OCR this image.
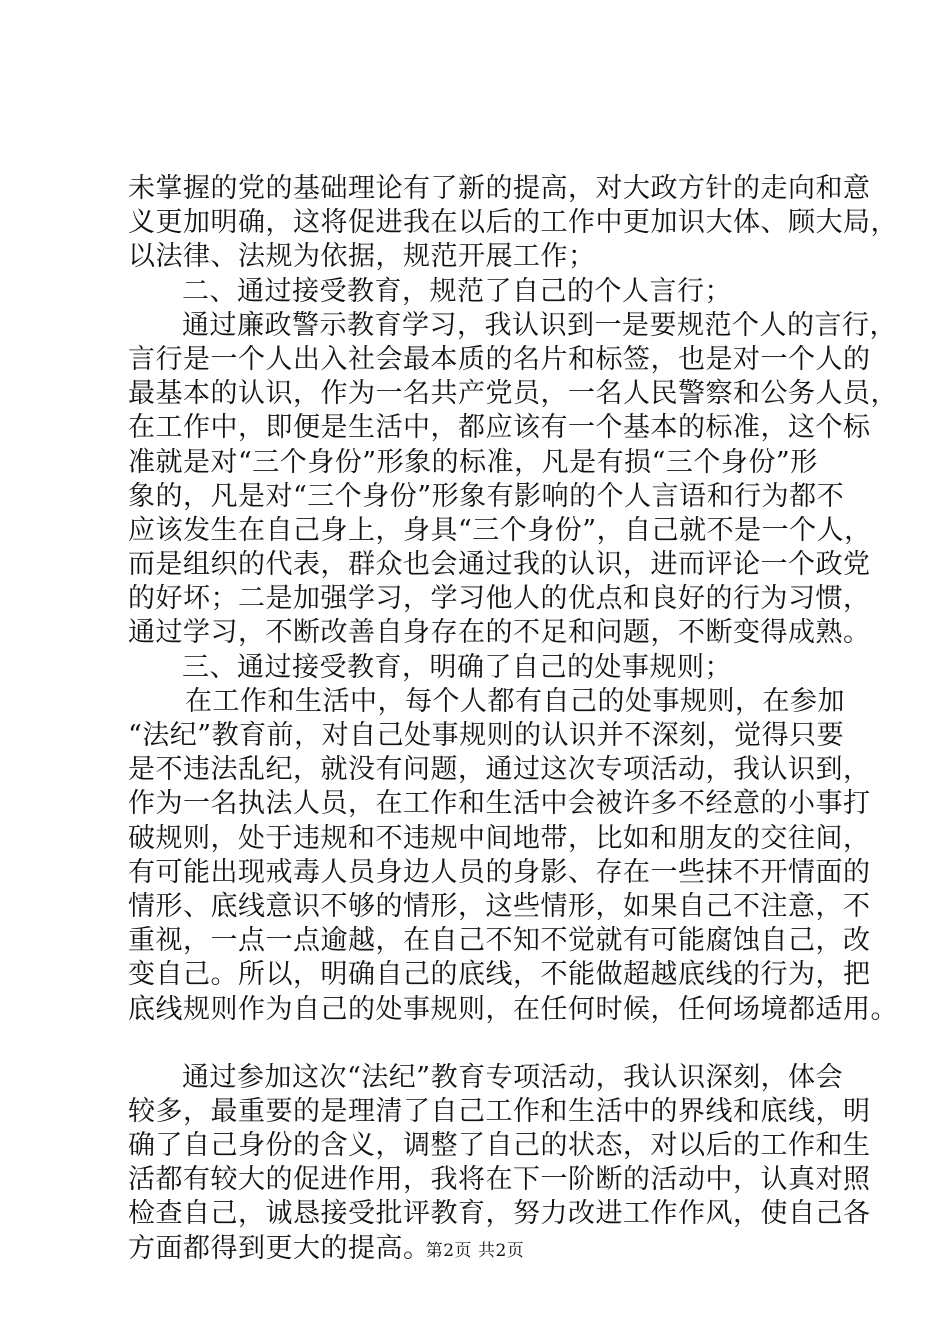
未掌握的党的基础理论有了新的提高，对大政方针的走向和意
义更加明确，这将促进我在以后的工作中更加识大体、顾大局，
以法律、法规为依据，规范开展工作；
二、通过接受教育，规范了自己的个人言行；
通过廉政警示教育学习，我认识到一是要规范个人的言行，
言行是一个人出入社会最本质的名片和标签，也是对一个人的
最基本的认识，作为一名共产党员，一名人民警察和公务人员，
在工作中，即便是生活中，都应该有一个基本的标准，这个标
准就是对“三个身份”形象的标准，凡是有损“三个身份”形
象的，凡是对“三个身份”形象有影响的个人言语和行为都不
应该发生在自己身上，身具“三个身份”，自己就不是一个人，
而是组织的代表，群众也会通过我的认识，进而评论一个政党
的好坏；二是加强学习，学习他人的优点和良好的行为习惯，
通过学习，不断改善自身存在的不足和问题，不断变得成熟。
三、通过接受教育，明确了自己的处事规则；
在工作和生活中，每个人都有自己的处事规则，在参加
“法纪”教育前，对自己处事规则的认识并不深刻，觉得只要
是不违法乱纪，就没有问题，通过这次专项活动，我认识到，
作为一名执法人员，在工作和生活中会被许多不经意的小事打
破规则，处于违规和不违规中间地带，比如和朋友的交往间，
有可能出现戒毒人员身边人员的身影、存在一些抹不开情面的
情形、底线意识不够的情形，这些情形，如果自己不注意，不
重视，一点一点逾越，在自己不知不觉就有可能腐蚀自己，改
变自己。所以，明确自己的底线，不能做超越底线的行为，把
底线规则作为自己的处事规则，在任何时候，任何场境都适用。
通过参加这次“法纪”教育专项活动，我认识深刻，体会
较多，最重要的是理清了自己工作和生活中的界线和底线，明
确了自己身份的含义，调整了自己的状态，对以后的工作和生
活都有较大的促进作用，我将在下一阶断的活动中，认真对照
检查自己，诚恳接受批评教育，努力改进工作作风，使自己各
方面都得到更大的提高。
第2页 共2页
